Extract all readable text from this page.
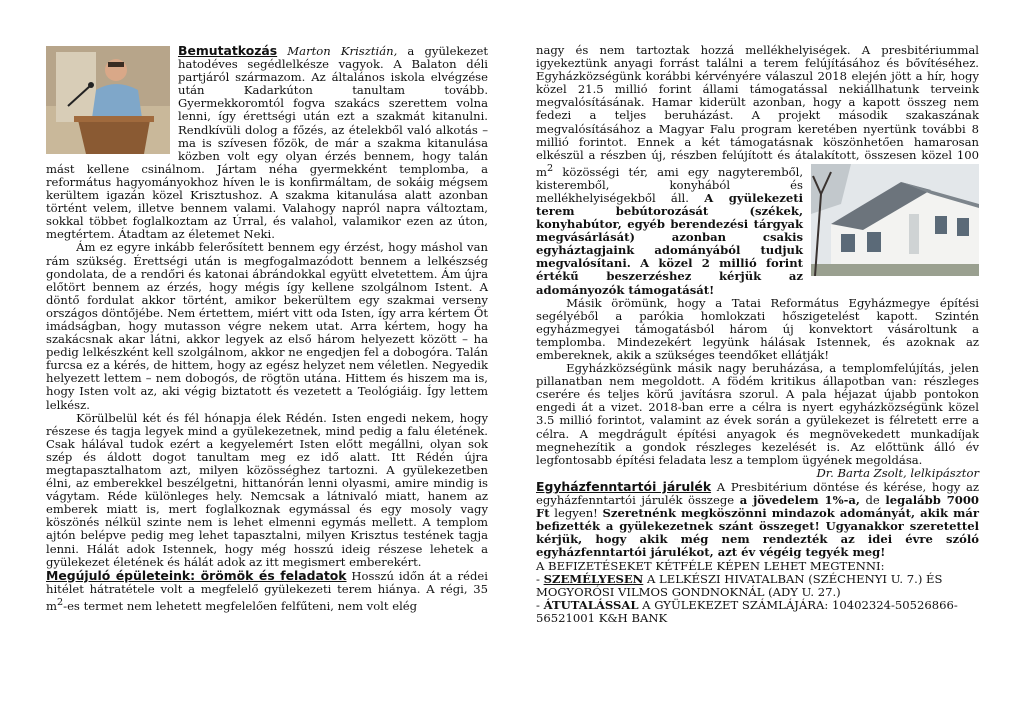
Bemutatkozás Marton Krisztián, a gyülekezet hatodéves segédlelkésze vagyok. A Balaton déli partjáról származom. Az általános iskola elvégzése után Kadarkúton tanultam tovább. Gyermekkoromtól fogva szakács szerettem volna lenni, így érettségi után ezt a szakmát kitanulni. Rendkívüli dolog a főzés, az ételekből való alkotás – ma is szívesen főzök, de már a szakma kitanulása közben volt egy olyan érzés bennem, hogy talán mást kellene csinálnom. Jártam néha gyermekként templomba, a református hagyományokhoz híven le is konfirmáltam, de sokáig mégsem kerültem igazán közel Krisztushoz. A szakma kitanulása alatt azonban történt velem, illetve bennem valami. Valahogy napról napra változtam, sokkal többet foglalkoztam az Úrral, és valahol, valamikor ezen az úton, megtértem. Átadtam az életemet Neki.

Ám ez egyre inkább felerősített bennem egy érzést, hogy máshol van rám szükség. Érettségi után is megfogalmazódott bennem a lelkészség gondolata, de a rendőri és katonai ábrándokkal együtt elvetettem. Ám újra előtört bennem az érzés, hogy mégis így kellene szolgálnom Istent. A döntő fordulat akkor történt, amikor bekerültem egy szakmai verseny országos döntőjébe. Nem értettem, miért vitt oda Isten, így arra kértem Őt imádságban, hogy mutasson végre nekem utat. Arra kértem, hogy ha szakácsnak akar látni, akkor legyek az első három helyezett között – ha pedig lelkészként kell szolgálnom, akkor ne engedjen fel a dobogóra. Talán furcsa ez a kérés, de hittem, hogy az egész helyzet nem véletlen. Negyedik helyezett lettem – nem dobogós, de rögtön utána. Hittem és hiszem ma is, hogy Isten volt az, aki végig biztatott és vezetett a Teológiáig. Így lettem lelkész.

Körülbelül két és fél hónapja élek Rédén. Isten engedi nekem, hogy részese és tagja legyek mind a gyülekezetnek, mind pedig a falu életének. Csak hálával tudok ezért a kegyelemért Isten előtt megállni, olyan sok szép és áldott dogot tanultam meg ez idő alatt. Itt Rédén újra megtapasztalhatom azt, milyen közösséghez tartozni. A gyülekezetben élni, az emberekkel beszélgetni, hittanórán lenni olyasmi, amire mindig is vágytam. Réde különleges hely. Nemcsak a látnivaló miatt, hanem az emberek miatt is, mert foglalkoznak egymással és egy mosoly vagy köszönés nélkül szinte nem is lehet elmenni egymás mellett. A templom ajtón belépve pedig meg lehet tapasztalni, milyen Krisztus testének tagja lenni. Hálát adok Istennek, hogy még hosszú ideig részese lehetek a gyülekezet életének és hálát adok az itt megismert emberekért.

Megújuló épületeink: örömök és feladatok Hosszú időn át a rédei hitélet hátratétele volt a megfelelő gyülekezeti terem hiánya. A régi, 35 $m^2-es$ termet nem lehetett megfelelően felfűteni, nem volt elég

nagy és nem tartoztak hozzá mellékhelyiségek. A presbitériummal igyekeztünk anyagi forrást találni a terem felújításához és bővítéséhez. Egyházközségünk korábbi kérvényére válaszul 2018 elején jött a hír, hogy közel 21.5 millió forint állami támogatással nekiállhatunk terveink megvalósításának. Hamar kiderült azonban, hogy a kapott összeg nem fedezi a teljes beruházást. A projekt második szakaszának megvalósításához a Magyar Falu program keretében nyertünk további 8 millió forintot. Ennek a két támogatásnak köszönhetően hamarosan elkészül a részben új, részben felújított és átalakított, összesen közel 100 $m^2$
közösségi tér, ami egy nagyteremből, kisteremből, konyhából és mellékhelyiségekből áll. A gyülekezeti terem bebútorozását (székek, konyhabútor, egyéb berendezési tárgyak megvásárlását) azonban csakis egyháztagjaink adományából tudjuk megvalósítani. A közel 2 millió forint értékű beszerzéshez kérjük az adományozók támogatását!

Másik örömünk, hogy a Tatai Református Egyházmegye építési segélyéből a parókia homlokzati hőszigetelést kapott. Szintén egyházmegyei támogatásból három új konvektort vásároltunk a templomba. Mindezekért legyünk hálásak Istennek, és azoknak az embereknek, akik a szükséges teendőket ellátják!

Egyházközségünk másik nagy beruházása, a templomfelújítás, jelen pillanatban nem megoldott. A födém kritikus állapotban van: részleges cserére és teljes körű javításra szorul. A pala héjazat újabb pontokon engedi át a vizet. 2018-ban erre a célra is nyert egyházközségünk közel 3.5 millió forintot, valamint az évek során a gyülekezet is félretett erre a célra. A megdrágult építési anyagok és megnövekedett munkadíjak megnehezítik a gondok részleges kezelését is. Az előttünk álló év legfontosabb építési feladata lesz a templom ügyének megoldása.
Dr. Barta Zsolt, lelkipásztor

Egyházfenntartói járulék A Presbitérium döntése és kérése, hogy az egyházfenntartói járulék összege a jövedelem 1%-a, de legalább 7000 Ft legyen! Szeretnénk megköszönni mindazok adományát, akik már befizették a gyülekezetnek szánt összeget! Ugyanakkor szeretettel kérjük, hogy akik még nem rendezték az idei évre szóló egyházfenntartói járulékot, azt év végéig tegyék meg!

A BEFIZETÉSEKET KÉTFÉLE KÉPEN LEHET MEGTENNI:

- SZEMÉLYESEN A LELKÉSZI HIVATALBAN (SZÉCHENYI U. 7.) ÉS MOGYORÓSI VILMOS GONDNOKNÁL (ADY U. 27.)

- ÁTUTALÁSSAL A GYÜLEKEZET SZÁMLÁJÁRA: 10402324-50526866-56521001 K&H BANK
